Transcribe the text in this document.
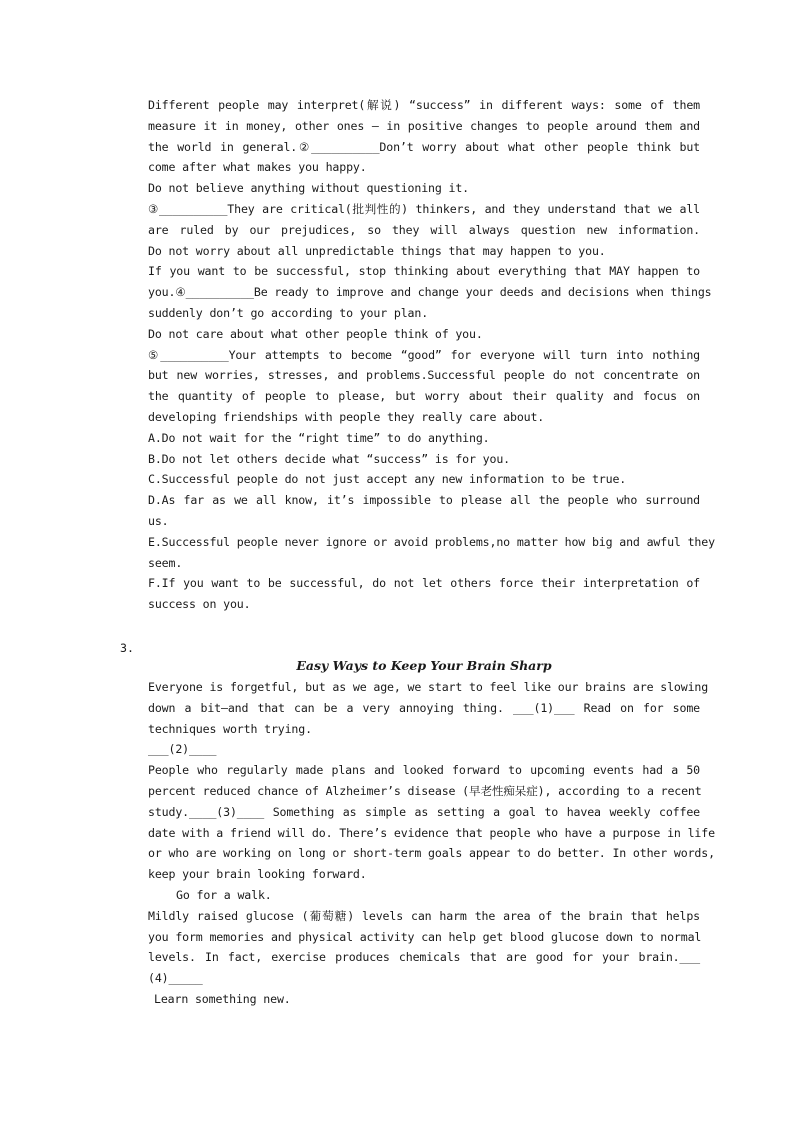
Different people may interpret(解说) “success” in different ways: some of them
measure it in money, other ones — in positive changes to people around them and
the world in general.②__________Don’t worry about what other people think but
come after what makes you happy.
Do not believe anything without questioning it.
③__________They are critical(批判性的) thinkers, and they understand that we all
are ruled by our prejudices, so they will always question new information.
Do not worry about all unpredictable things that may happen to you.
If you want to be successful, stop thinking about everything that MAY happen to
you.④__________Be ready to improve and change your deeds and decisions when things
suddenly don’t go according to your plan.
Do not care about what other people think of you.
⑤__________Your attempts to become “good” for everyone will turn into nothing
but new worries, stresses, and problems.Successful people do not concentrate on
the quantity of people to please, but worry about their quality and focus on
developing friendships with people they really care about.
A.Do not wait for the “right time” to do anything.
B.Do not let others decide what “success” is for you.
C.Successful people do not just accept any new information to be true.
D.As far as we all know, it’s impossible to please all the people who surround
us.
E.Successful people never ignore or avoid problems,no matter how big and awful they
seem.
F.If you want to be successful, do not let others force their interpretation of
success on you.
3.
Easy Ways to Keep Your Brain Sharp
Everyone is forgetful, but as we age, we start to feel like our brains are slowing
down a bit—and that can be a very annoying thing. ___(1)___ Read on for some
techniques worth trying.
___(2)____
People who regularly made plans and looked forward to upcoming events had a 50
percent reduced chance of Alzheimer’s disease (早老性痴呆症), according to a recent
study.____(3)____ Something as simple as setting a goal to havea weekly coffee
date with a friend will do. There’s evidence that people who have a purpose in life
or who are working on long or short-term goals appear to do better. In other words,
keep your brain looking forward.
Go for a walk.
Mildly raised glucose (葡萄糖) levels can harm the area of the brain that helps
you form memories and physical activity can help get blood glucose down to normal
levels. In fact, exercise produces chemicals that are good for your brain.___
(4)_____
Learn something new.
